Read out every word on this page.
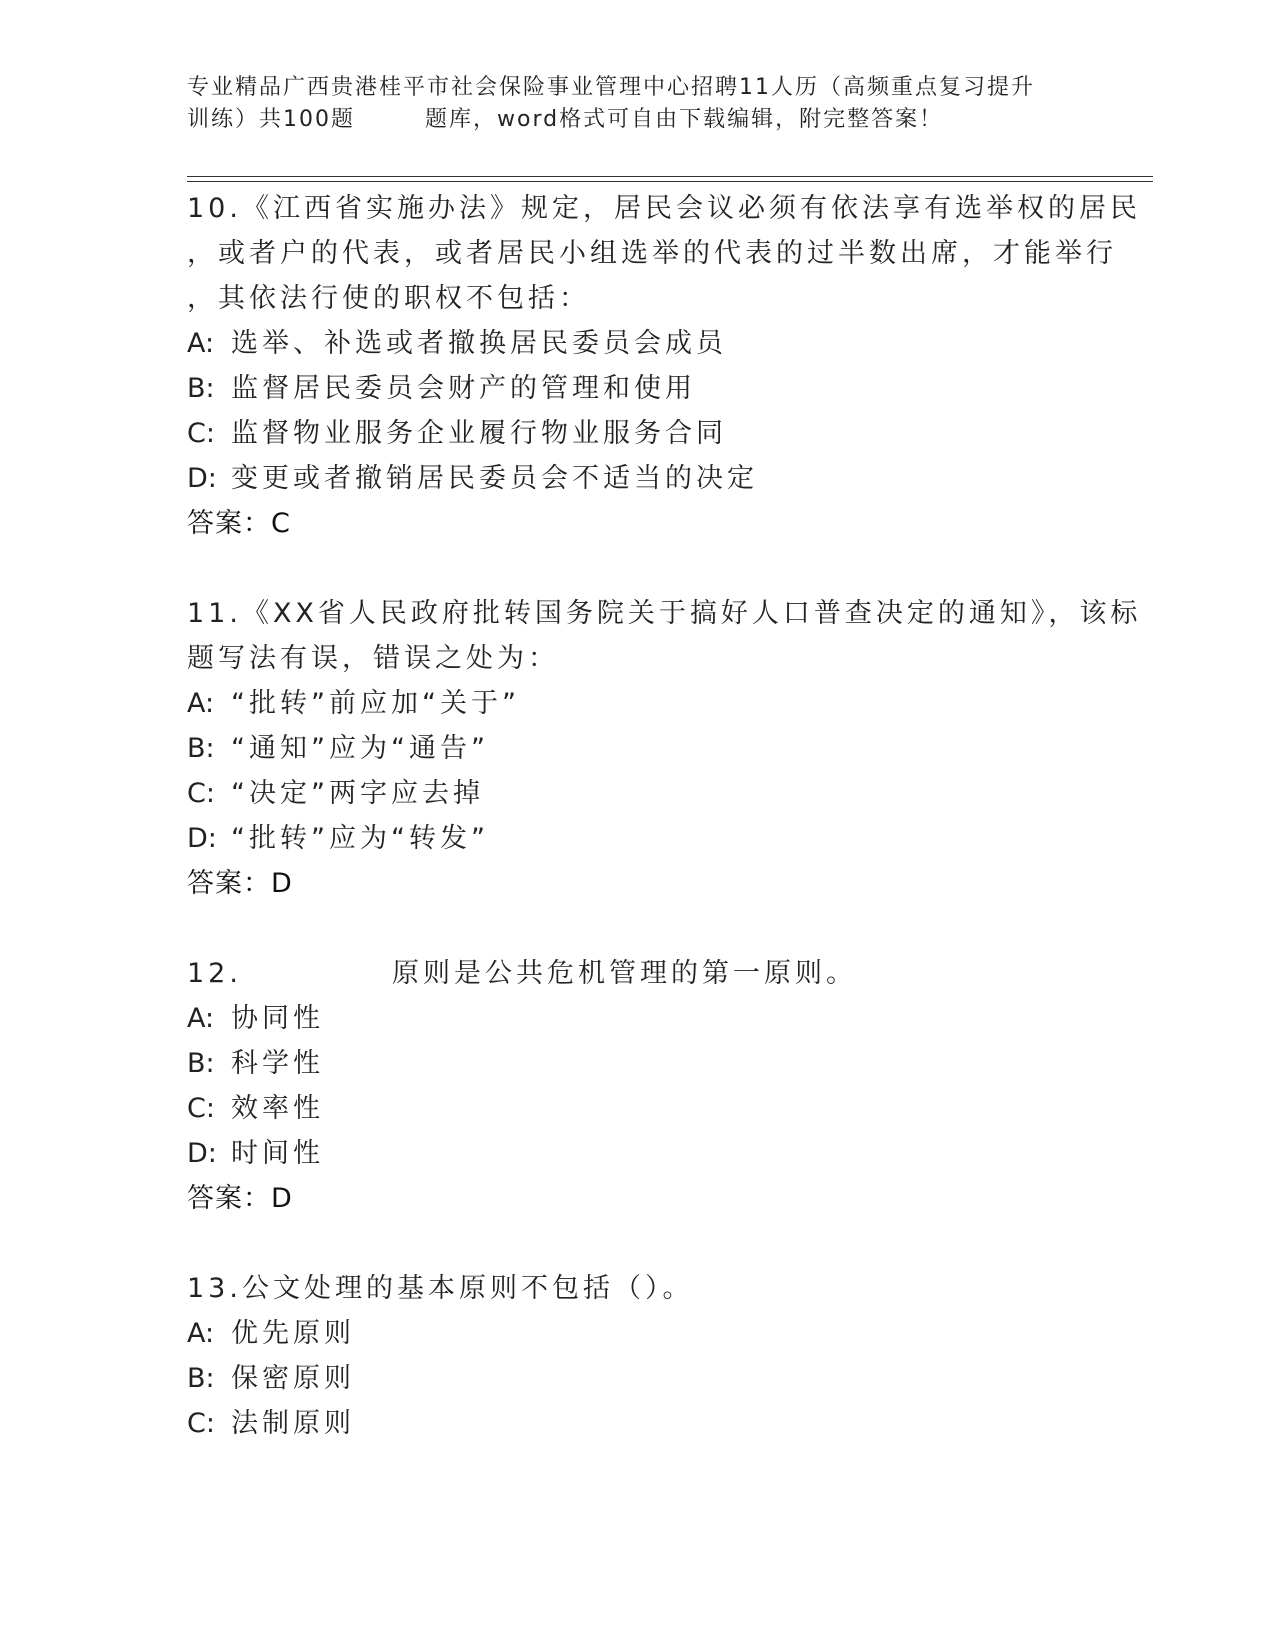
专业精品广西贵港桂平市社会保险事业管理中心招聘11人历（高频重点复习提升
训练）共100题	题库，word格式可自由下载编辑，附完整答案！
10.《江西省实施办法》规定，居民会议必须有依法享有选举权的居民
，或者户的代表，或者居民小组选举的代表的过半数出席，才能举行
，其依法行使的职权不包括：
A: 选举、补选或者撤换居民委员会成员
B: 监督居民委员会财产的管理和使用
C: 监督物业服务企业履行物业服务合同
D: 变更或者撤销居民委员会不适当的决定
答案：C
11.《XX省人民政府批转国务院关于搞好人口普查决定的通知》，该标
题写法有误，错误之处为：
A: “批转”前应加“关于”
B: “通知”应为“通告”
C: “决定”两字应去掉
D: “批转”应为“转发”
答案：D
12.	原则是公共危机管理的第一原则。
A: 协同性
B: 科学性
C: 效率性
D: 时间性
答案：D
13.公文处理的基本原则不包括（）。
A: 优先原则
B: 保密原则
C: 法制原则
